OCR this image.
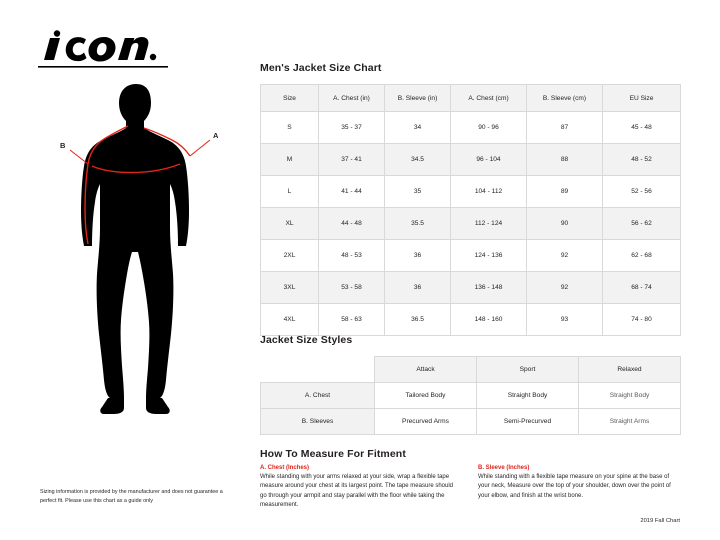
A
B
Sizing information is provided by the manufacturer and does not guarantee a perfect fit. Please use this chart as a guide only
Men's Jacket Size Chart
Size	A. Chest (in)	B. Sleeve (in)	A. Chest (cm)	B. Sleeve (cm)	EU Size
S	35 - 37	34	90 - 96	87	45 - 48
M	37 - 41	34.5	96 - 104	88	48 - 52
L	41 - 44	35	104 - 112	89	52 - 56
XL	44 - 48	35.5	112 - 124	90	56 - 62
2XL	48 - 53	36	124 - 136	92	62 - 68
3XL	53 - 58	36	136 - 148	92	68 - 74
4XL	58 - 63	36.5	148 - 160	93	74 - 80
Jacket Size Styles
	Attack	Sport	Relaxed
A. Chest	Tailored Body	Straight Body	Straight Body
B. Sleeves	Precurved Arms	Semi-Precurved	Straight Arms
How To Measure For Fitment
A. Chest (Inches)
While standing with your arms relaxed at your side, wrap a flexible tape measure around your chest at its largest point. The tape measure should go through your armpit and stay parallel with the floor while taking the measurement.
B. Sleeve (Inches)
While standing with a flexible tape measure on your spine at the base of your neck, Measure over the top of your shoulder, down over the point of your elbow, and finish at the wrist bone.
2019 Fall Chart
